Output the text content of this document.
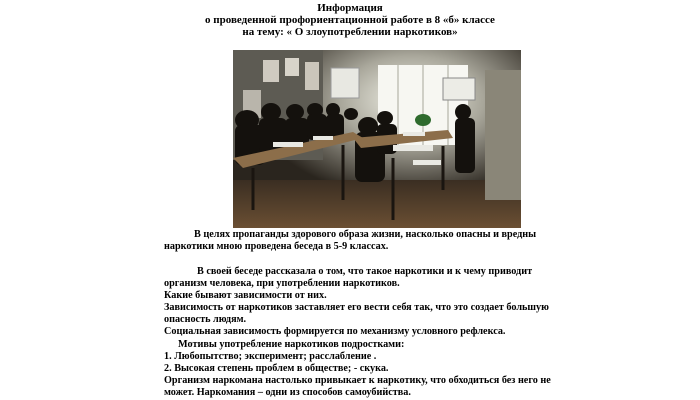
Информация
о проведенной профориентационной работе в 8 «б» классе
на тему: « О злоупотреблении наркотиков»
В целях пропаганды здорового образа жизни, насколько опасны и вредны
наркотики мною проведена беседа в 5-9 классах.
В своей беседе рассказала о том, что такое наркотики и к чему приводит
организм человека, при употреблении наркотиков.
Какие бывают зависимости от них.
Зависимость от наркотиков заставляет его вести себя так, что это создает большую
опасность людям.
Социальная зависимость формируется по механизму условного рефлекса.
Мотивы употребление наркотиков подростками:
1. Любопытство; эксперимент; расслабление .
2. Высокая степень проблем в обществе; - скука.
Организм наркомана настолько привыкает к наркотику, что обходиться без него не
может. Наркомания – одни из способов самоубийства.
